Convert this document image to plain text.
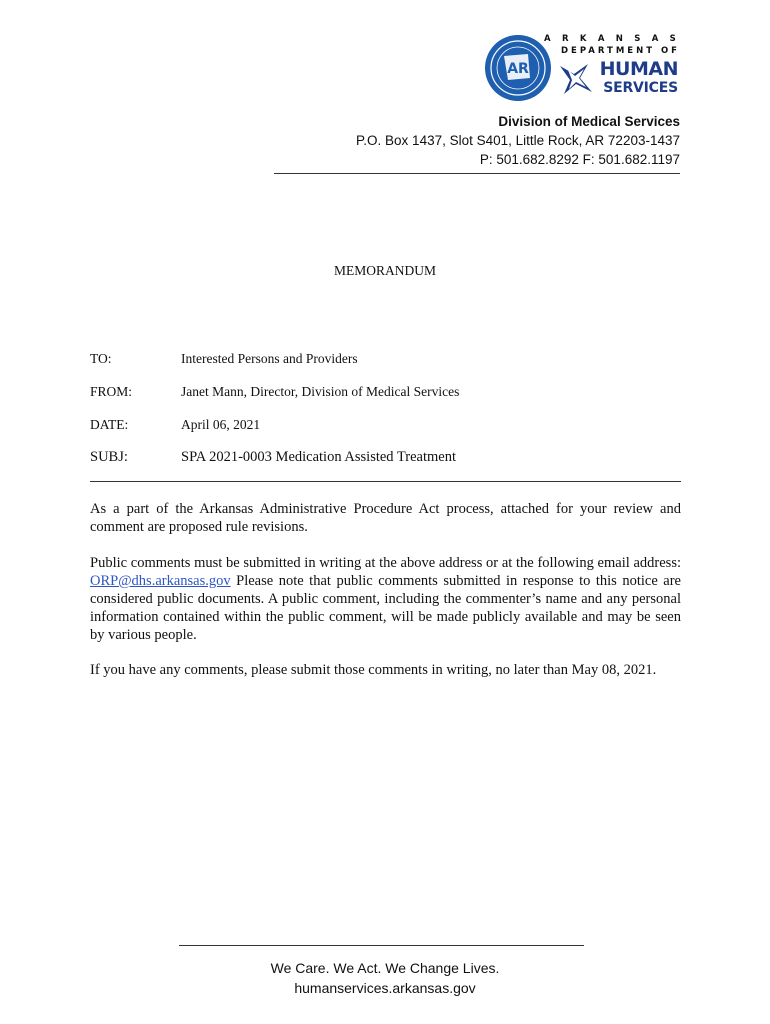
AR
A R K A N S A S
DEPARTMENT OF
HUMAN
SERVICES
Division of Medical Services
P.O. Box 1437, Slot S401, Little Rock, AR 72203-1437
P: 501.682.8292 F: 501.682.1197
MEMORANDUM
TO:	Interested Persons and Providers
FROM:	Janet Mann, Director, Division of Medical Services
DATE:	April 06, 2021
SUBJ:	SPA 2021-0003 Medication Assisted Treatment
As a part of the Arkansas Administrative Procedure Act process, attached for your review and comment are proposed rule revisions.
Public comments must be submitted in writing at the above address or at the following email address: ORP@dhs.arkansas.gov Please note that public comments submitted in response to this notice are considered public documents. A public comment, including the commenter’s name and any personal information contained within the public comment, will be made publicly available and may be seen by various people.
If you have any comments, please submit those comments in writing, no later than May 08, 2021.
We Care. We Act. We Change Lives.
humanservices.arkansas.gov
